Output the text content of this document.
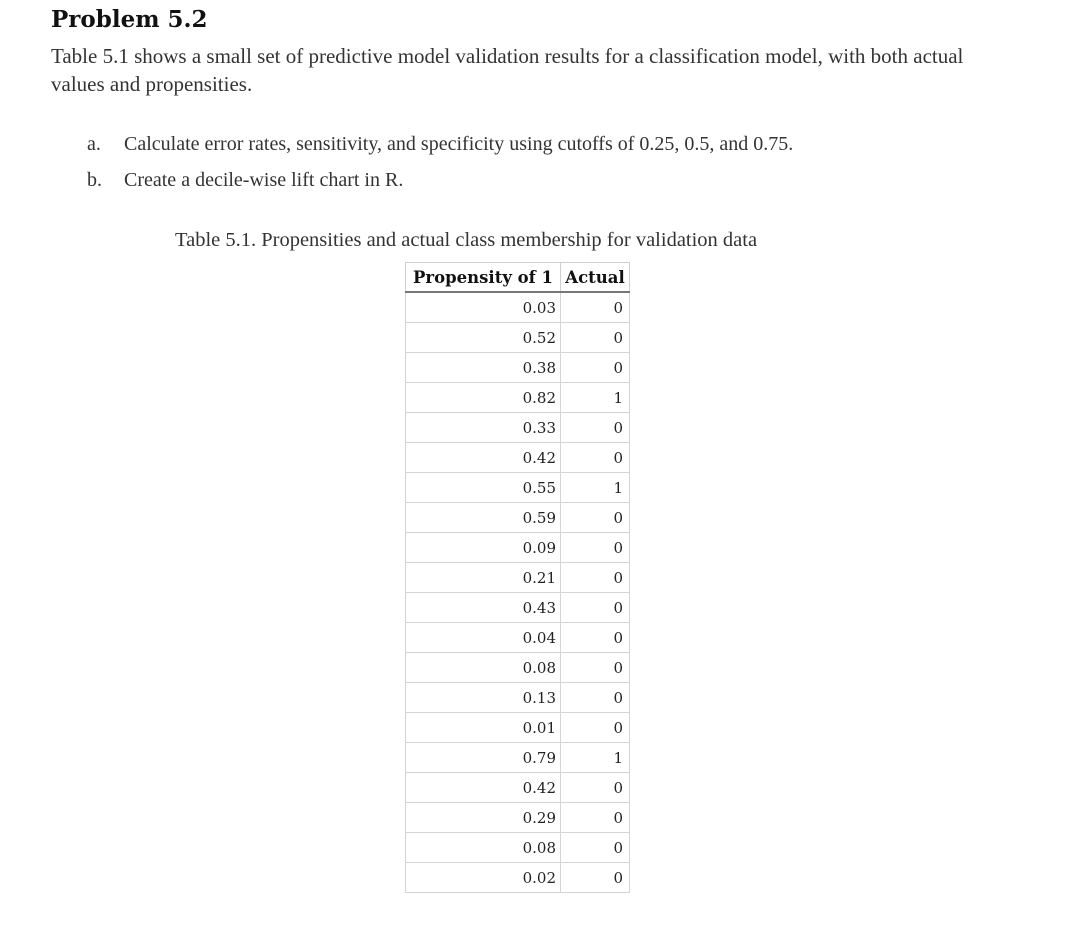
Problem 5.2

Table 5.1 shows a small set of predictive model validation results for a classification model, with both actual values and propensities.

a. Calculate error rates, sensitivity, and specificity using cutoffs of 0.25, 0.5, and 0.75.
b. Create a decile-wise lift chart in R.

Table 5.1. Propensities and actual class membership for validation data

Propensity of 1	Actual
0.03	0
0.52	0
0.38	0
0.82	1
0.33	0
0.42	0
0.55	1
0.59	0
0.09	0
0.21	0
0.43	0
0.04	0
0.08	0
0.13	0
0.01	0
0.79	1
0.42	0
0.29	0
0.08	0
0.02	0
